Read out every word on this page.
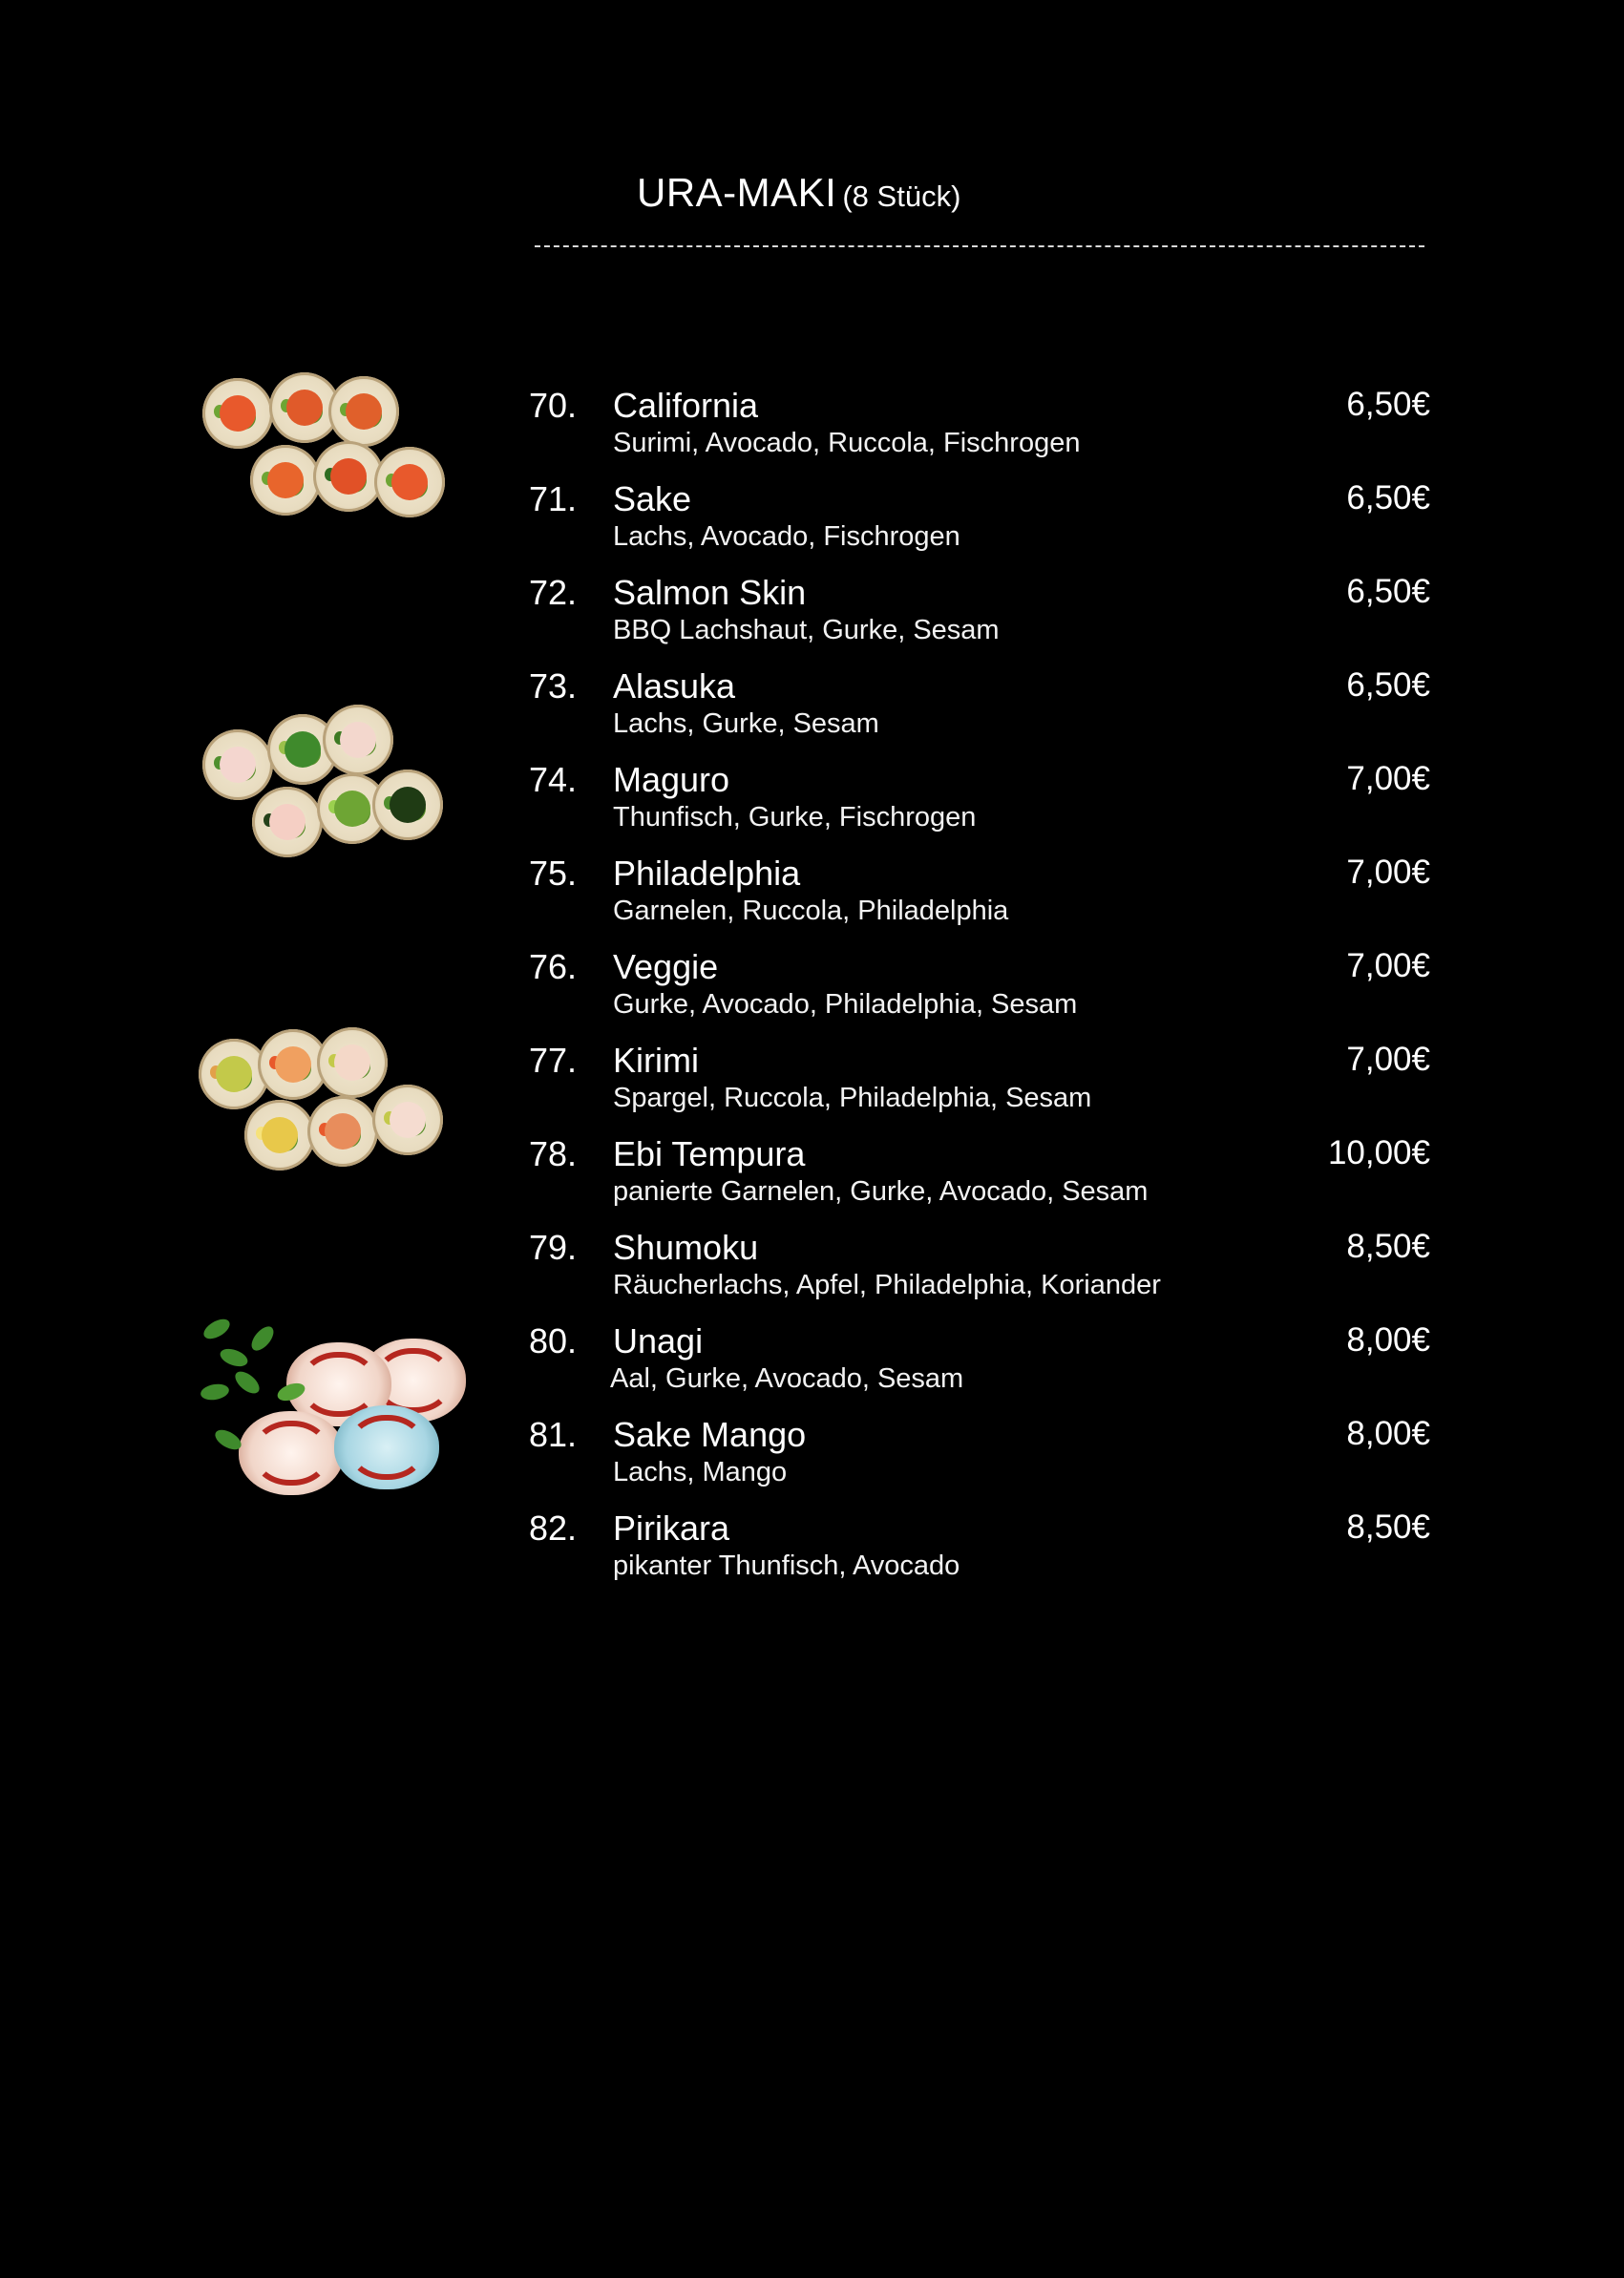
URA-MAKI (8 Stück)
70. California
Surimi, Avocado, Ruccola, Fischrogen
6,50€
71. Sake
Lachs, Avocado, Fischrogen
6,50€
72. Salmon Skin
BBQ Lachshaut, Gurke, Sesam
6,50€
73. Alasuka
Lachs, Gurke, Sesam
6,50€
74. Maguro
Thunfisch, Gurke, Fischrogen
7,00€
75. Philadelphia
Garnelen, Ruccola, Philadelphia
7,00€
76. Veggie
Gurke, Avocado, Philadelphia, Sesam
7,00€
77. Kirimi
Spargel, Ruccola, Philadelphia, Sesam
7,00€
78. Ebi Tempura
panierte Garnelen, Gurke, Avocado, Sesam
10,00€
79. Shumoku
Räucherlachs, Apfel, Philadelphia, Koriander
8,50€
80. Unagi
Aal, Gurke, Avocado, Sesam
8,00€
81. Sake Mango
Lachs, Mango
8,00€
82. Pirikara
pikanter Thunfisch, Avocado
8,50€
